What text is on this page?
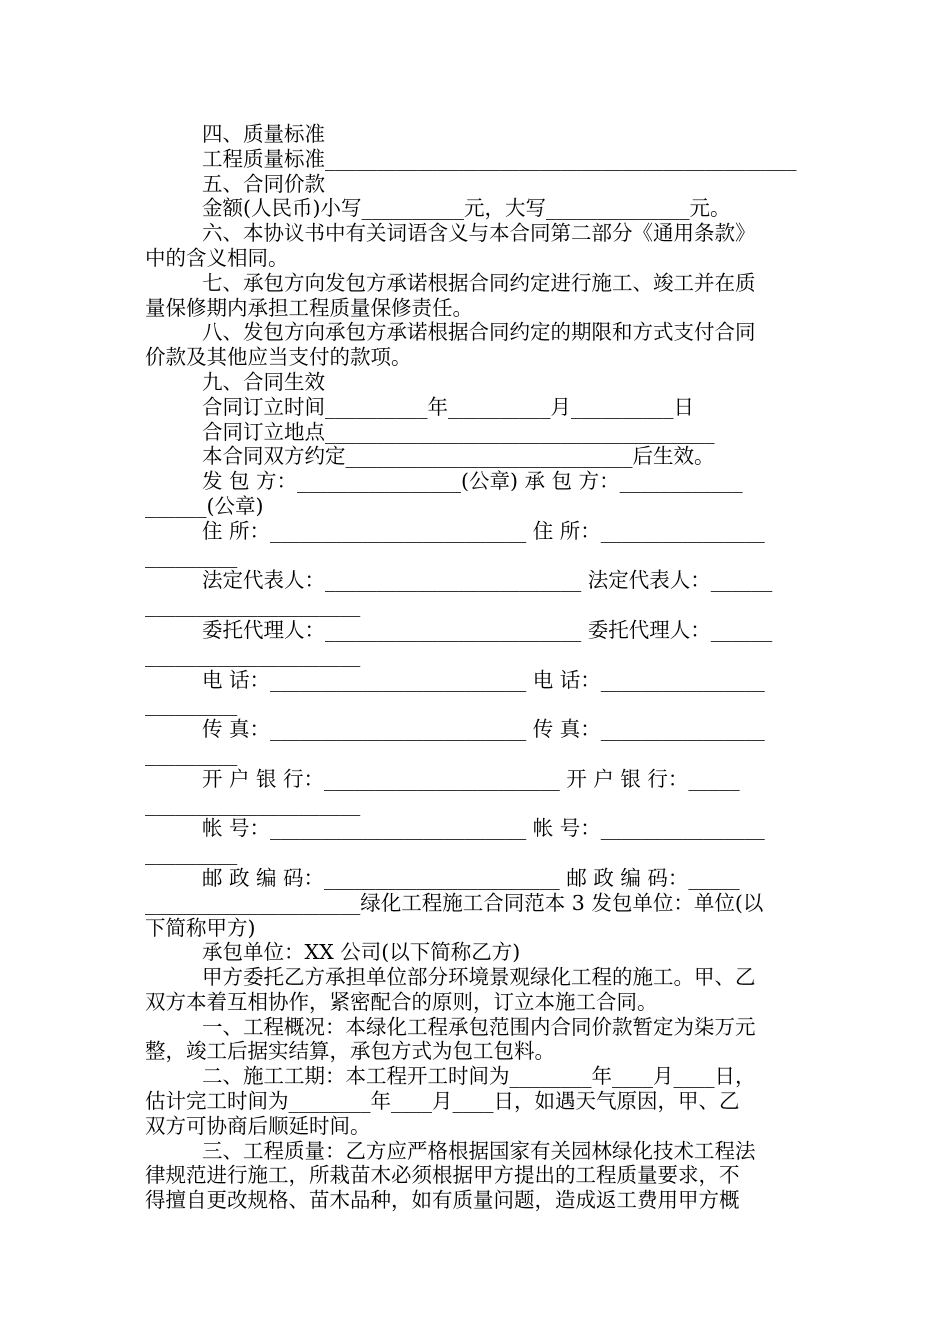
四、质量标准
工程质量标准______________________________________________
五、合同价款
金额(人民币)小写__________元，大写______________元。
六、本协议书中有关词语含义与本合同第二部分《通用条款》
中的含义相同。
七、承包方向发包方承诺根据合同约定进行施工、竣工并在质
量保修期内承担工程质量保修责任。
八、发包方向承包方承诺根据合同约定的期限和方式支付合同
价款及其他应当支付的款项。
九、合同生效
合同订立时间__________年__________月__________日
合同订立地点______________________________________
本合同双方约定____________________________后生效。
发 包 方：________________(公章) 承 包 方：____________
______(公章)
住 所：_________________________ 住 所：________________
_________
法定代表人：_________________________ 法定代表人：______
_____________________
委托代理人：_________________________ 委托代理人：______
_____________________
电 话：_________________________ 电 话：________________
_________
传 真：_________________________ 传 真：________________
_________
开 户 银 行：_______________________ 开 户 银 行：_____
_____________________
帐 号：_________________________ 帐 号：________________
_________
邮 政 编 码：_______________________ 邮 政 编 码：_____
_____________________绿化工程施工合同范本 3 发包单位：单位(以
下简称甲方)
承包单位：XX 公司(以下简称乙方)
甲方委托乙方承担单位部分环境景观绿化工程的施工。甲、乙
双方本着互相协作，紧密配合的原则，订立本施工合同。
一、工程概况：本绿化工程承包范围内合同价款暂定为柒万元
整，竣工后据实结算，承包方式为包工包料。
二、施工工期：本工程开工时间为________年____月____日，
估计完工时间为________年____月____日，如遇天气原因，甲、乙
双方可协商后顺延时间。
三、工程质量：乙方应严格根据国家有关园林绿化技术工程法
律规范进行施工，所栽苗木必须根据甲方提出的工程质量要求，不
得擅自更改规格、苗木品种，如有质量问题，造成返工费用甲方概
